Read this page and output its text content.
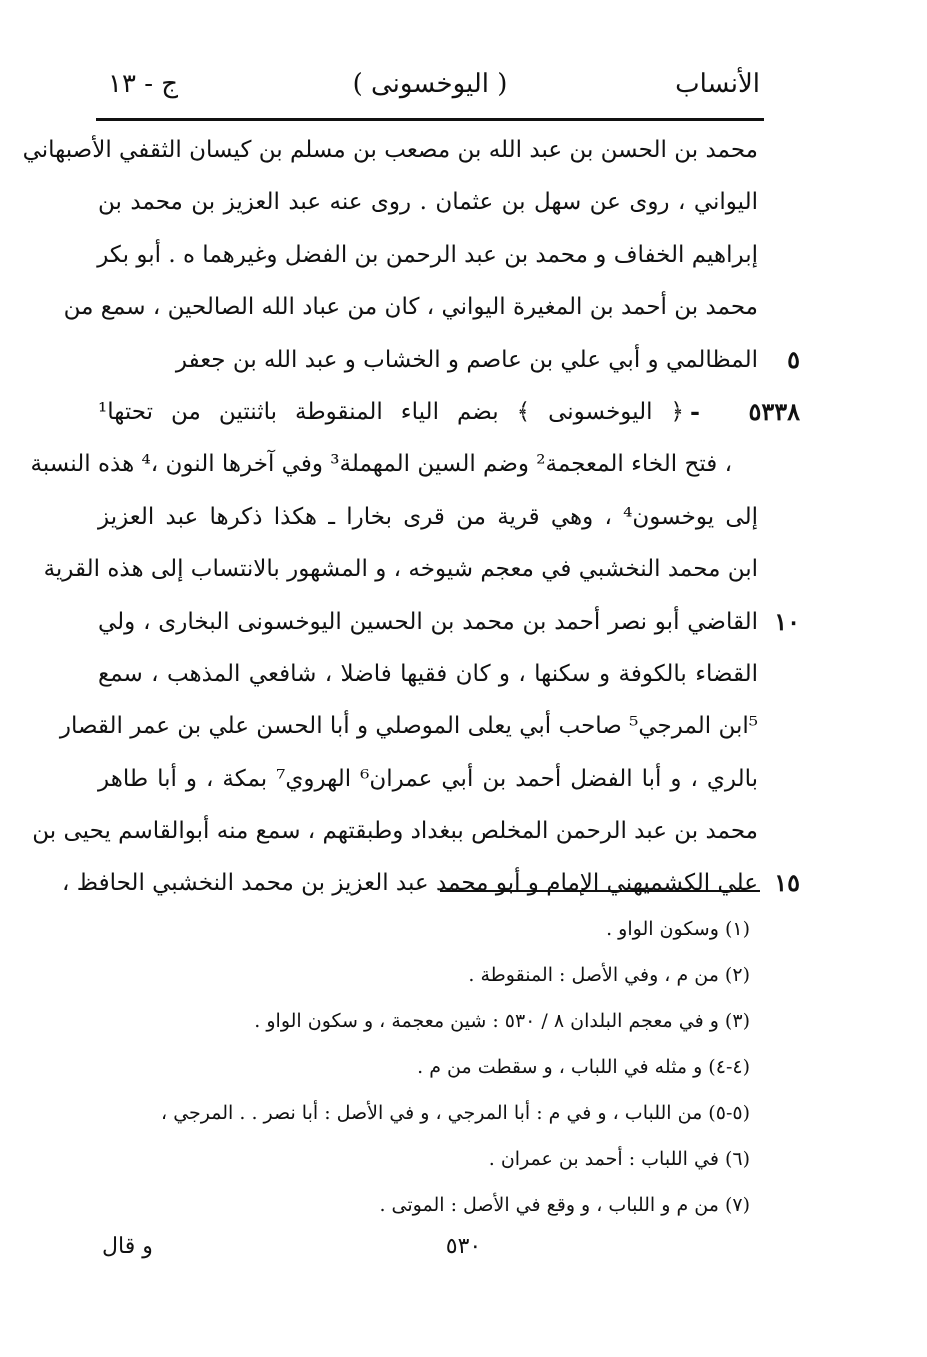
الأنساب
( اليوخسونى )
ج - ١٣
محمد بن الحسن بن عبد الله بن مصعب بن مسلم بن كيسان الثقفي الأصبهاني
اليواني ، روى عن سهل بن عثمان . روى عنه عبد العزيز بن محمد بن
إبراهيم الخفاف و محمد بن عبد الرحمن بن الفضل وغيرهما ه . أبو بكر
محمد بن أحمد بن المغيرة اليواني ، كان من عباد الله الصالحين ، سمع من
٥
المظالمي و أبي علي بن عاصم و الخشاب و عبد الله بن جعفر
٥٣٣٨ -
﴿ اليوخسونى ﴾ بضم الياء المنقوطة باثنتين من تحتها¹
، فتح الخاء المعجمة² وضم السين المهملة³ وفي آخرها النون ،⁴ هذه النسبة
إلى يوخسون⁴ ، وهي قرية من قرى بخارا ـ هكذا ذكرها عبد العزيز
ابن محمد النخشبي في معجم شيوخه ، و المشهور بالانتساب إلى هذه القرية
١٠
القاضي أبو نصر أحمد بن محمد بن الحسين اليوخسونى البخارى ، ولي
القضاء بالكوفة و سكنها ، و كان فقيها فاضلا ، شافعي المذهب ، سمع
⁵ابن المرجي⁵ صاحب أبي يعلى الموصلي و أبا الحسن علي بن عمر القصار
بالري ، و أبا الفضل أحمد بن أبي عمران⁶ الهروي⁷ بمكة ، و أبا طاهر
محمد بن عبد الرحمن المخلص ببغداد وطبقتهم ، سمع منه أبوالقاسم يحيى بن
١٥
علي الكشميهني الإمام و أبو محمد عبد العزيز بن محمد النخشبي الحافظ ،
(١) وسكون الواو .
(٢) من م ، وفي الأصل : المنقوطة .
(٣) و في معجم البلدان ٨ / ٥٣٠ : شين معجمة ، و سكون الواو .
(٤-٤) و مثله في اللباب ، و سقطت من م .
(٥-٥) من اللباب ، و في م : أبا المرجي ، و في الأصل : أبا نصر . . المرجي ،
(٦) في اللباب : أحمد بن عمران .
(٧) من م و اللباب ، و وقع في الأصل : الموتى .
٥٣٠
و قال
